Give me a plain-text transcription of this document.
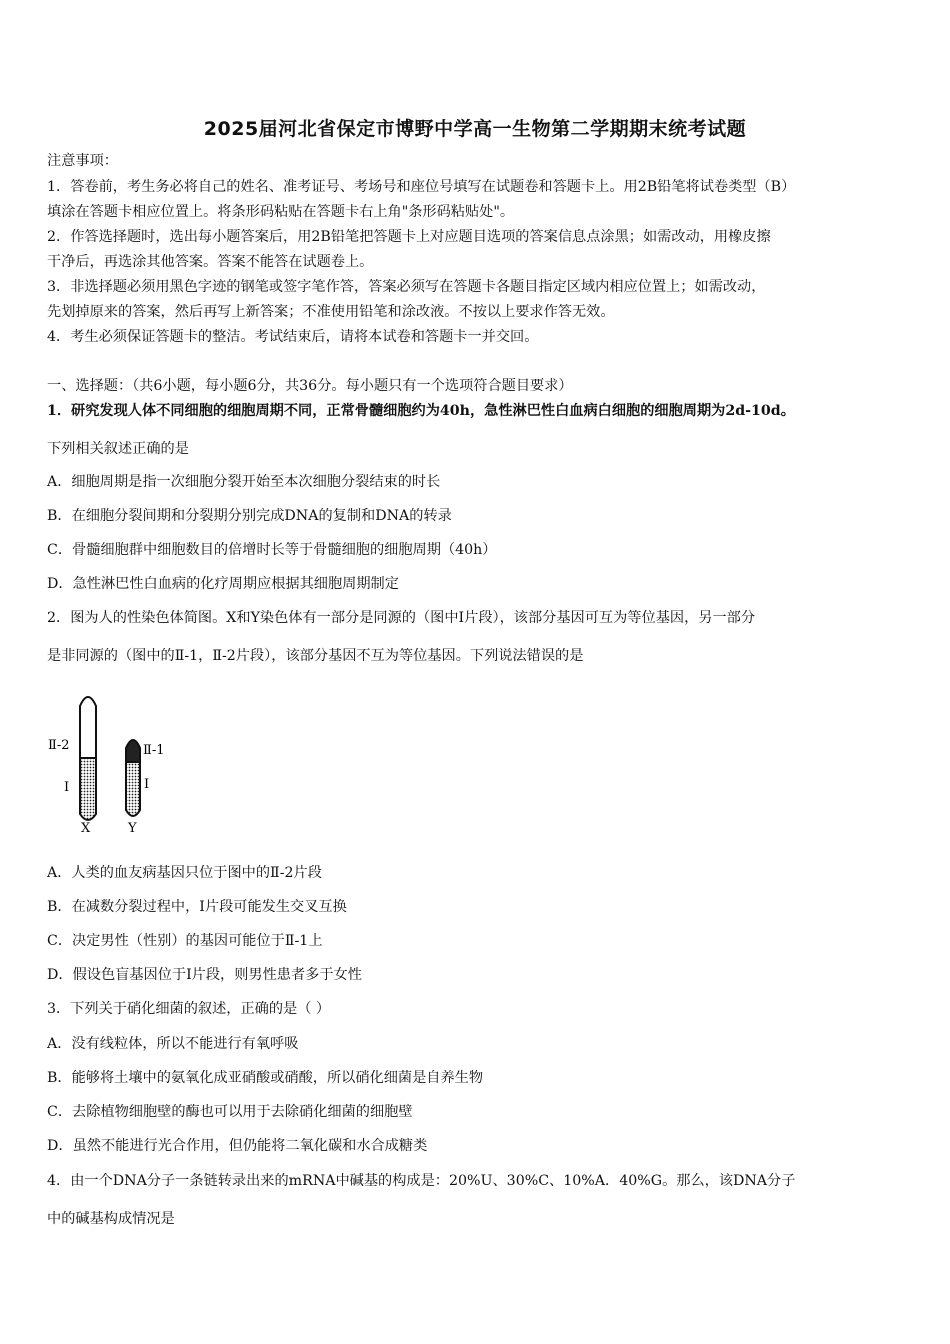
2025届河北省保定市博野中学高一生物第二学期期末统考试题
注意事项：
1．答卷前，考生务必将自己的姓名、准考证号、考场号和座位号填写在试题卷和答题卡上。用2B铅笔将试卷类型（B）
填涂在答题卡相应位置上。将条形码粘贴在答题卡右上角"条形码粘贴处"。
2．作答选择题时，选出每小题答案后，用2B铅笔把答题卡上对应题目选项的答案信息点涂黑；如需改动，用橡皮擦
干净后，再选涂其他答案。答案不能答在试题卷上。
3．非选择题必须用黑色字迹的钢笔或签字笔作答，答案必须写在答题卡各题目指定区域内相应位置上；如需改动，
先划掉原来的答案，然后再写上新答案；不准使用铅笔和涂改液。不按以上要求作答无效。
4．考生必须保证答题卡的整洁。考试结束后，请将本试卷和答题卡一并交回。
一、选择题：（共6小题，每小题6分，共36分。每小题只有一个选项符合题目要求）
1．研究发现人体不同细胞的细胞周期不同，正常骨髓细胞约为40h，急性淋巴性白血病白细胞的细胞周期为2d-10d。
下列相关叙述正确的是
A．细胞周期是指一次细胞分裂开始至本次细胞分裂结束的时长
B．在细胞分裂间期和分裂期分别完成DNA的复制和DNA的转录
C．骨髓细胞群中细胞数目的倍增时长等于骨髓细胞的细胞周期（40h）
D．急性淋巴性白血病的化疗周期应根据其细胞周期制定
2．图为人的性染色体简图。X和Y染色体有一部分是同源的（图中I片段），该部分基因可互为等位基因，另一部分
是非同源的（图中的Ⅱ-1，Ⅱ-2片段），该部分基因不互为等位基因。下列说法错误的是
Ⅱ-2
I
Ⅱ-1
I
X	Y
A．人类的血友病基因只位于图中的Ⅱ-2片段
B．在减数分裂过程中，I片段可能发生交叉互换
C．决定男性（性别）的基因可能位于Ⅱ-1上
D．假设色盲基因位于I片段，则男性患者多于女性
3．下列关于硝化细菌的叙述，正确的是（ ）
A．没有线粒体，所以不能进行有氧呼吸
B．能够将土壤中的氨氧化成亚硝酸或硝酸，所以硝化细菌是自养生物
C．去除植物细胞壁的酶也可以用于去除硝化细菌的细胞壁
D．虽然不能进行光合作用，但仍能将二氧化碳和水合成糖类
4．由一个DNA分子一条链转录出来的mRNA中碱基的构成是：20%U、30%C、10%A．40%G。那么，该DNA分子
中的碱基构成情况是
